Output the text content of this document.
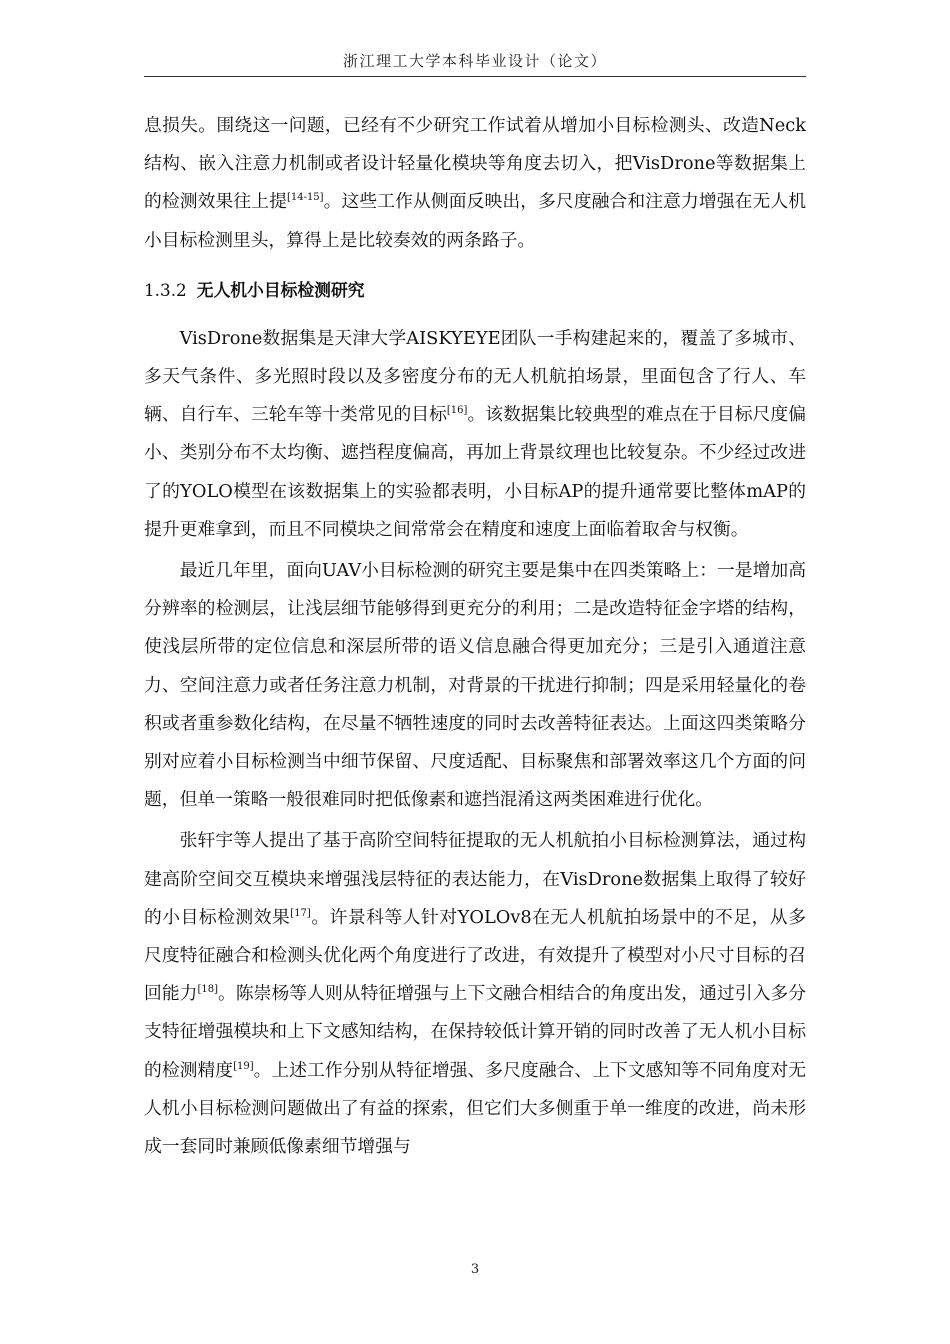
浙江理工大学本科毕业设计（论文）

息损失。围绕这一问题，已经有不少研究工作试着从增加小目标检测头、改造Neck结构、嵌入注意力机制或者设计轻量化模块等角度去切入，把VisDrone等数据集上的检测效果往上提[14-15]。这些工作从侧面反映出，多尺度融合和注意力增强在无人机小目标检测里头，算得上是比较奏效的两条路子。

1.3.2 无人机小目标检测研究

VisDrone数据集是天津大学AISKYEYE团队一手构建起来的，覆盖了多城市、多天气条件、多光照时段以及多密度分布的无人机航拍场景，里面包含了行人、车辆、自行车、三轮车等十类常见的目标[16]。该数据集比较典型的难点在于目标尺度偏小、类别分布不太均衡、遮挡程度偏高，再加上背景纹理也比较复杂。不少经过改进了的YOLO模型在该数据集上的实验都表明，小目标AP的提升通常要比整体mAP的提升更难拿到，而且不同模块之间常常会在精度和速度上面临着取舍与权衡。

最近几年里，面向UAV小目标检测的研究主要是集中在四类策略上：一是增加高分辨率的检测层，让浅层细节能够得到更充分的利用；二是改造特征金字塔的结构，使浅层所带的定位信息和深层所带的语义信息融合得更加充分；三是引入通道注意力、空间注意力或者任务注意力机制，对背景的干扰进行抑制；四是采用轻量化的卷积或者重参数化结构，在尽量不牺牲速度的同时去改善特征表达。上面这四类策略分别对应着小目标检测当中细节保留、尺度适配、目标聚焦和部署效率这几个方面的问题，但单一策略一般很难同时把低像素和遮挡混淆这两类困难进行优化。

张轩宇等人提出了基于高阶空间特征提取的无人机航拍小目标检测算法，通过构建高阶空间交互模块来增强浅层特征的表达能力，在VisDrone数据集上取得了较好的小目标检测效果[17]。许景科等人针对YOLOv8在无人机航拍场景中的不足，从多尺度特征融合和检测头优化两个角度进行了改进，有效提升了模型对小尺寸目标的召回能力[18]。陈崇杨等人则从特征增强与上下文融合相结合的角度出发，通过引入多分支特征增强模块和上下文感知结构，在保持较低计算开销的同时改善了无人机小目标的检测精度[19]。上述工作分别从特征增强、多尺度融合、上下文感知等不同角度对无人机小目标检测问题做出了有益的探索，但它们大多侧重于单一维度的改进，尚未形成一套同时兼顾低像素细节增强与

3
